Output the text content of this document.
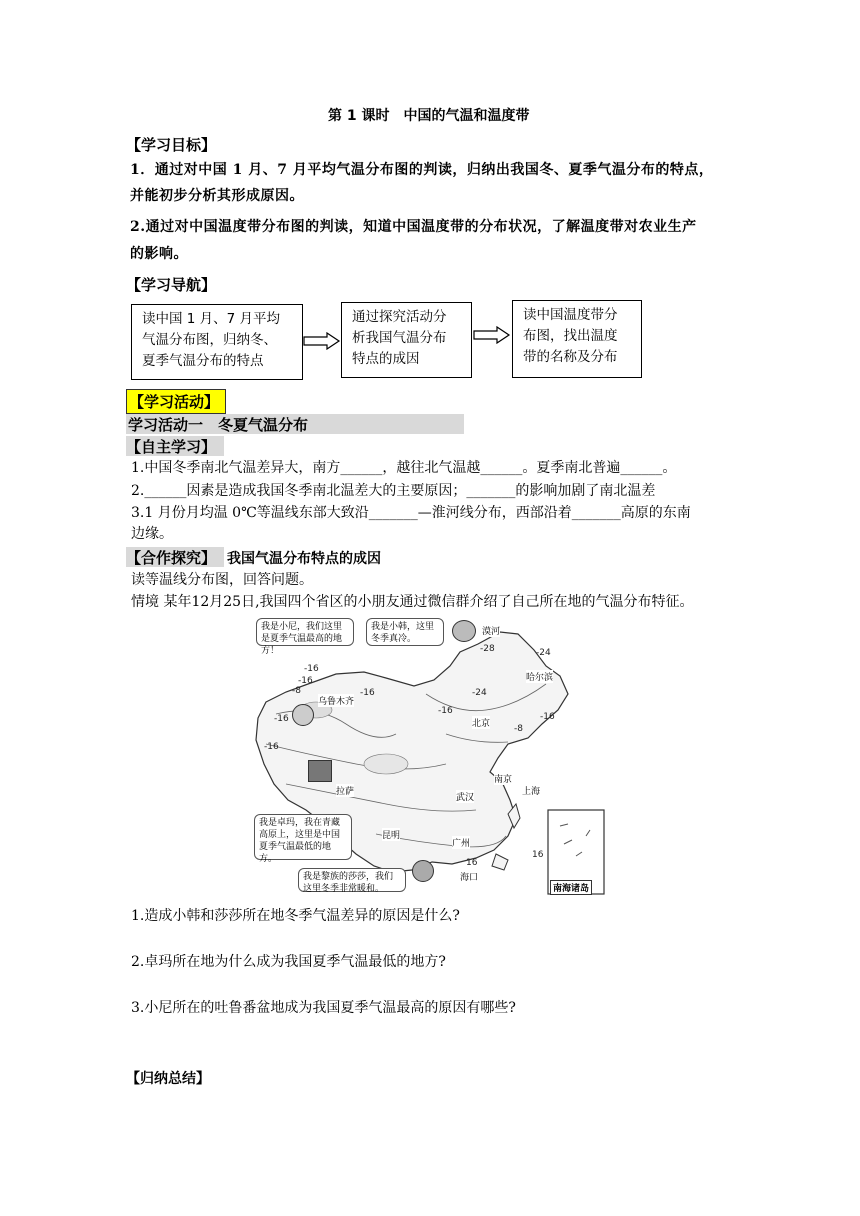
第 1 课时　中国的气温和温度带
【学习目标】
1．通过对中国 1 月、7 月平均气温分布图的判读，归纳出我国冬、夏季气温分布的特点，
并能初步分析其形成原因。
2.通过对中国温度带分布图的判读，知道中国温度带的分布状况，了解温度带对农业生产
的影响。
【学习导航】
读中国 1 月、7 月平均
气温分布图，归纳冬、
夏季气温分布的特点
通过探究活动分
析我国气温分布
特点的成因
读中国温度带分
布图，找出温度
带的名称及分布
【学习活动】
学习活动一　冬夏气温分布
【自主学习】
1.中国冬季南北气温差异大，南方______，越往北气温越______。夏季南北普遍______。
2.______因素是造成我国冬季南北温差大的主要原因；_______的影响加剧了南北温差
3.1 月份月均温 0℃等温线东部大致沿_______—淮河线分布，西部沿着_______高原的东南
边缘。
【合作探究】 我国气温分布特点的成因
读等温线分布图，回答问题。
情境 某年12月25日,我国四个省区的小朋友通过微信群介绍了自己所在地的气温分布特征。
我是小尼，我们这里是夏季气温最高的地方！
我是小韩，这里冬季真冷。
我是卓玛，我在青藏高原上，这里是中国夏季气温最低的地方。
我是黎族的莎莎，我们这里冬季非常暖和。
漠河
哈尔滨
乌鲁木齐
北京
拉萨
南京
上海
武汉
昆明
广州
海口
-28	-24
-16
-16
-8	-16
-16
-16
-16
-24
-16
-8
16
16
南海诸岛
1.造成小韩和莎莎所在地冬季气温差异的原因是什么?
2.卓玛所在地为什么成为我国夏季气温最低的地方?
3.小尼所在的吐鲁番盆地成为我国夏季气温最高的原因有哪些?
【归纳总结】
